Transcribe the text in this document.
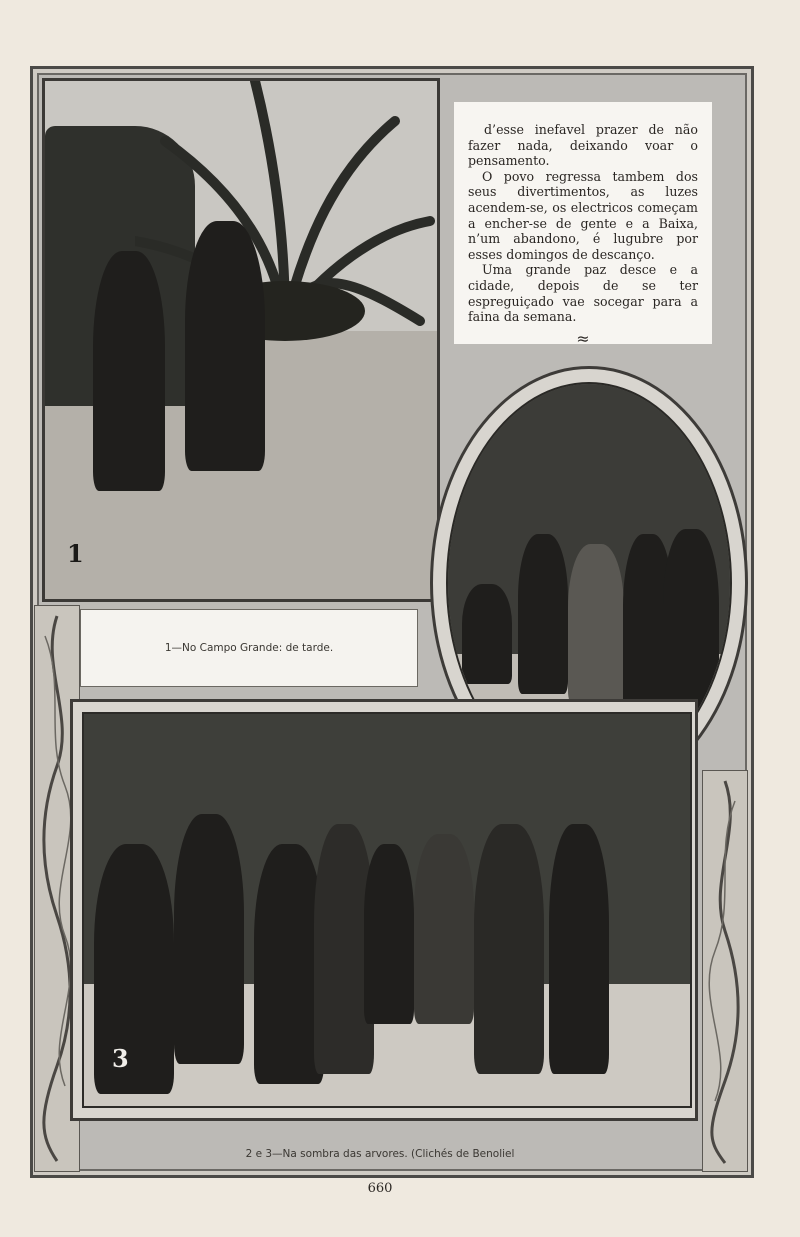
1

d’esse inefavel prazer de não fazer nada, deixando voar o pensamento.

O povo regressa tambem dos seus divertimentos, as luzes acendem-se, os electricos começam a encher-se de gente e a Baixa, n’um abandono, é lugubre por esses domingos de descanço.

Uma grande paz desce e a cidade, depois de se ter espreguiçado vae socegar para a faina da semana.

≈
1—No Campo Grande: de tarde.
3
2 e 3—Na sombra das arvores. (Clichés de Benoliel
660
